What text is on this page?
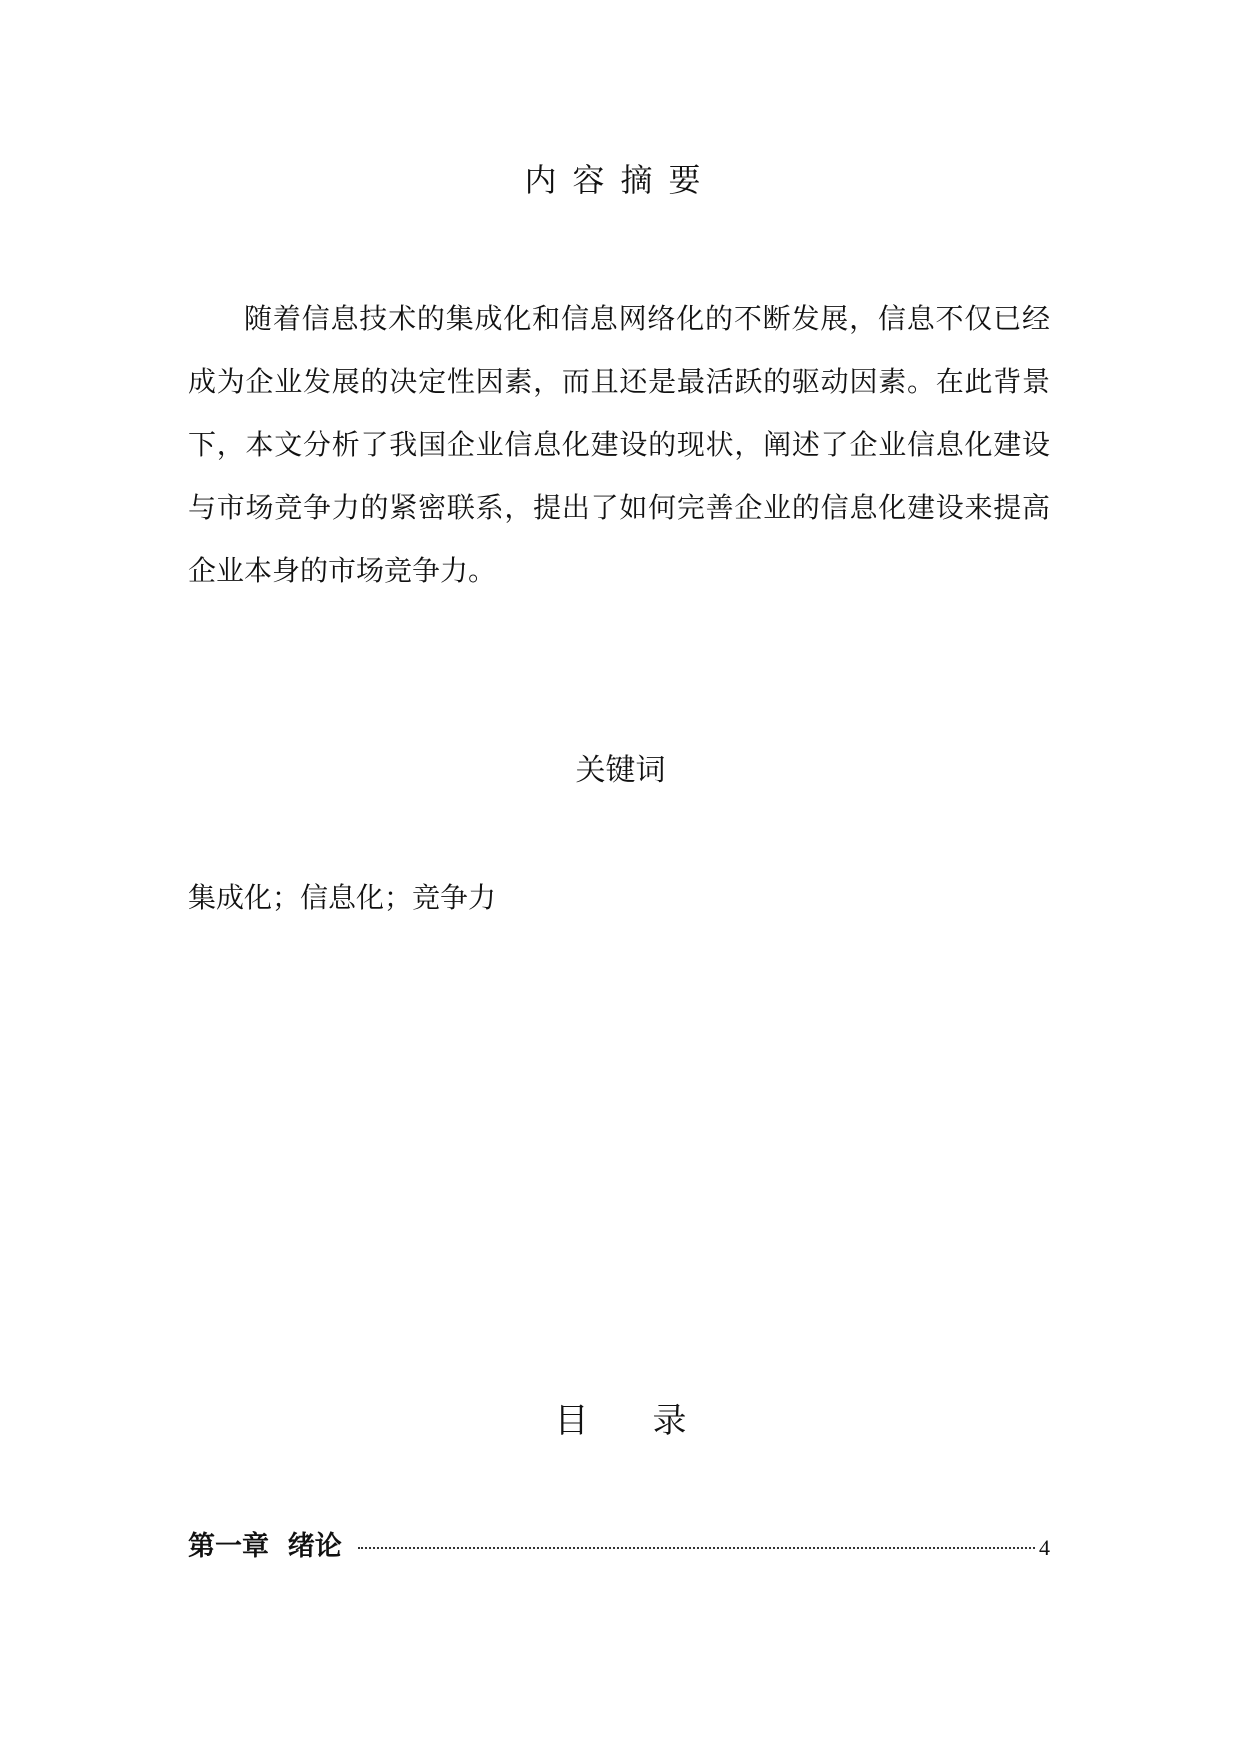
内容摘要

随着信息技术的集成化和信息网络化的不断发展，信息不仅已经成为企业发展的决定性因素，而且还是最活跃的驱动因素。在此背景下，本文分析了我国企业信息化建设的现状，阐述了企业信息化建设与市场竞争力的紧密联系，提出了如何完善企业的信息化建设来提高企业本身的市场竞争力。

关键词

集成化；信息化；竞争力

目 录
第一章  绪论	4
